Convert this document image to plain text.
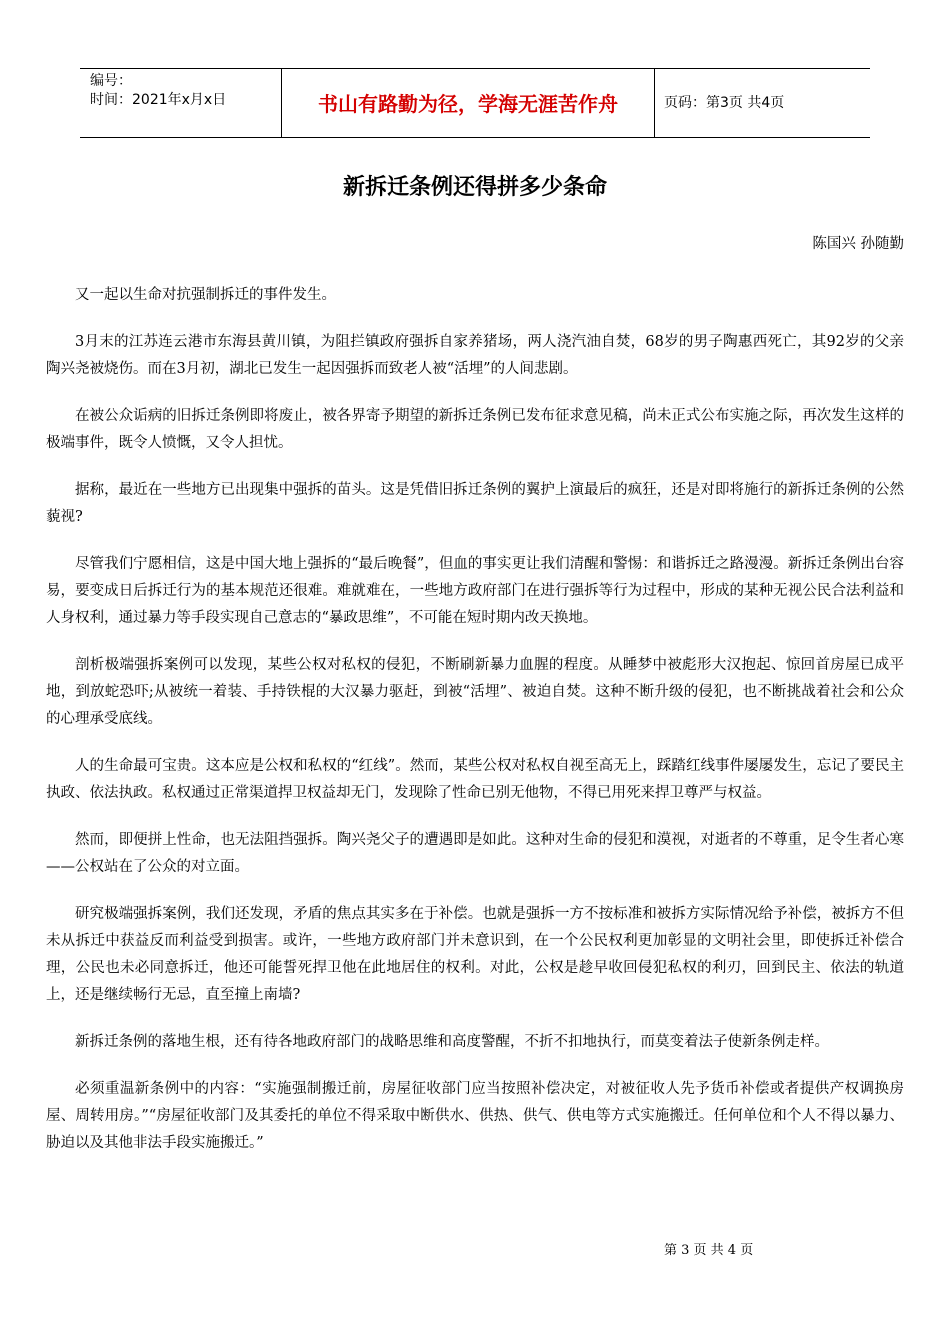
编号：
时间：2021年x月x日	书山有路勤为径，学海无涯苦作舟	页码：第3页 共4页
新拆迁条例还得拼多少条命
陈国兴 孙随勤

又一起以生命对抗强制拆迁的事件发生。

3月末的江苏连云港市东海县黄川镇，为阻拦镇政府强拆自家养猪场，两人浇汽油自焚，68岁的男子陶惠西死亡，其92岁的父亲陶兴尧被烧伤。而在3月初，湖北已发生一起因强拆而致老人被“活埋”的人间悲剧。

在被公众诟病的旧拆迁条例即将废止，被各界寄予期望的新拆迁条例已发布征求意见稿，尚未正式公布实施之际，再次发生这样的极端事件，既令人愤慨，又令人担忧。

据称，最近在一些地方已出现集中强拆的苗头。这是凭借旧拆迁条例的翼护上演最后的疯狂，还是对即将施行的新拆迁条例的公然藐视?

尽管我们宁愿相信，这是中国大地上强拆的“最后晚餐”，但血的事实更让我们清醒和警惕：和谐拆迁之路漫漫。新拆迁条例出台容易，要变成日后拆迁行为的基本规范还很难。难就难在，一些地方政府部门在进行强拆等行为过程中，形成的某种无视公民合法利益和人身权利，通过暴力等手段实现自己意志的“暴政思维”，不可能在短时期内改天换地。

剖析极端强拆案例可以发现，某些公权对私权的侵犯，不断刷新暴力血腥的程度。从睡梦中被彪形大汉抱起、惊回首房屋已成平地，到放蛇恐吓;从被统一着装、手持铁棍的大汉暴力驱赶，到被“活埋”、被迫自焚。这种不断升级的侵犯，也不断挑战着社会和公众的心理承受底线。

人的生命最可宝贵。这本应是公权和私权的“红线”。然而，某些公权对私权自视至高无上，踩踏红线事件屡屡发生，忘记了要民主执政、依法执政。私权通过正常渠道捍卫权益却无门，发现除了性命已别无他物，不得已用死来捍卫尊严与权益。

然而，即便拼上性命，也无法阻挡强拆。陶兴尧父子的遭遇即是如此。这种对生命的侵犯和漠视，对逝者的不尊重，足令生者心寒——公权站在了公众的对立面。

研究极端强拆案例，我们还发现，矛盾的焦点其实多在于补偿。也就是强拆一方不按标准和被拆方实际情况给予补偿，被拆方不但未从拆迁中获益反而利益受到损害。或许，一些地方政府部门并未意识到，在一个公民权利更加彰显的文明社会里，即使拆迁补偿合理，公民也未必同意拆迁，他还可能誓死捍卫他在此地居住的权利。对此，公权是趁早收回侵犯私权的利刃，回到民主、依法的轨道上，还是继续畅行无忌，直至撞上南墙?

新拆迁条例的落地生根，还有待各地政府部门的战略思维和高度警醒，不折不扣地执行，而莫变着法子使新条例走样。

必须重温新条例中的内容：“实施强制搬迁前，房屋征收部门应当按照补偿决定，对被征收人先予货币补偿或者提供产权调换房屋、周转用房。”“房屋征收部门及其委托的单位不得采取中断供水、供热、供气、供电等方式实施搬迁。任何单位和个人不得以暴力、胁迫以及其他非法手段实施搬迁。”

第 3 页 共 4 页
